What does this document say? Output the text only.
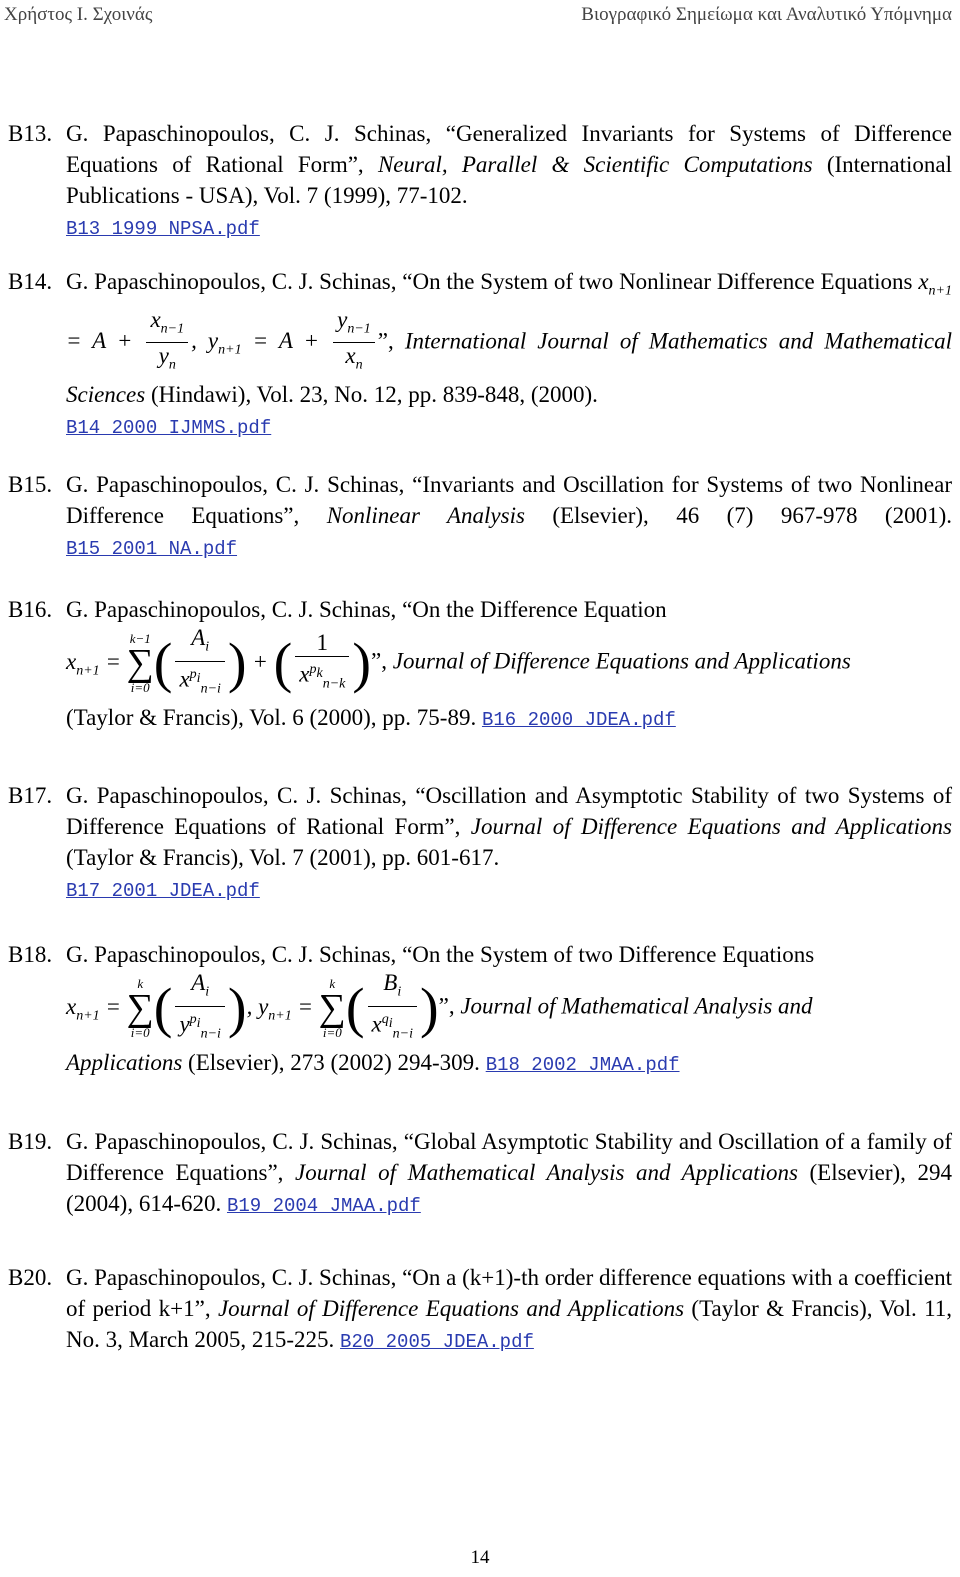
Χρήστος Ι. Σχοινάς	Βιογραφικό Σημείωμα και Αναλυτικό Υπόμνημα
B13. G. Papaschinopoulos, C. J. Schinas, “Generalized Invariants for Systems of Difference Equations of Rational Form”, Neural, Parallel & Scientific Computations (International Publications - USA), Vol. 7 (1999), 77-102.
B13_1999_NPSA.pdf
B14. G. Papaschinopoulos, C. J. Schinas, “On the System of two Nonlinear Difference Equations $x_{n+1} = A + \frac{x_{n-1}}{y_n}$ , $y_{n+1} = A + \frac{y_{n-1}}{x_n}$ ”, International Journal of Mathematics and Mathematical Sciences (Hindawi), Vol. 23, No. 12, pp. 839-848, (2000).
B14_2000_IJMMS.pdf
B15. G. Papaschinopoulos, C. J. Schinas, “Invariants and Oscillation for Systems of two Nonlinear Difference Equations”, Nonlinear Analysis (Elsevier), 46 (7) 967-978 (2001). B15_2001_NA.pdf
B16. G. Papaschinopoulos, C. J. Schinas, “On the Difference Equation
$x_{n+1}$ =
k−1
∑
i=0 ( $\frac{A_i}{x^{p_i}_{n-i}}$ ) + ( $\frac{1}{x^{p_k}_{n-k}}$ )”, Journal of Difference Equations and Applications
(Taylor & Francis), Vol. 6 (2000), pp. 75-89. B16_2000_JDEA.pdf
B17. G. Papaschinopoulos, C. J. Schinas, “Oscillation and Asymptotic Stability of two Systems of Difference Equations of Rational Form”, Journal of Difference Equations and Applications (Taylor & Francis), Vol. 7 (2001), pp. 601-617.
B17_2001_JDEA.pdf
B18. G. Papaschinopoulos, C. J. Schinas, “On the System of two Difference Equations
$x_{n+1}$ =
k
∑
i=0 ( $\frac{A_i}{y^{p_i}_{n-i}}$ ), $y_{n+1}$ =
k
∑
i=0 ( $\frac{B_i}{x^{q_i}_{n-i}}$ )”, Journal of Mathematical Analysis and
Applications (Elsevier), 273 (2002) 294-309. B18_2002_JMAA.pdf
B19. G. Papaschinopoulos, C. J. Schinas, “Global Asymptotic Stability and Oscillation of a family of Difference Equations”, Journal of Mathematical Analysis and Applications (Elsevier), 294 (2004), 614-620. B19_2004_JMAA.pdf
B20. G. Papaschinopoulos, C. J. Schinas, “On a (k+1)-th order difference equations with a coefficient of period k+1”, Journal of Difference Equations and Applications (Taylor & Francis), Vol. 11, No. 3, March 2005, 215-225. B20_2005_JDEA.pdf
14
